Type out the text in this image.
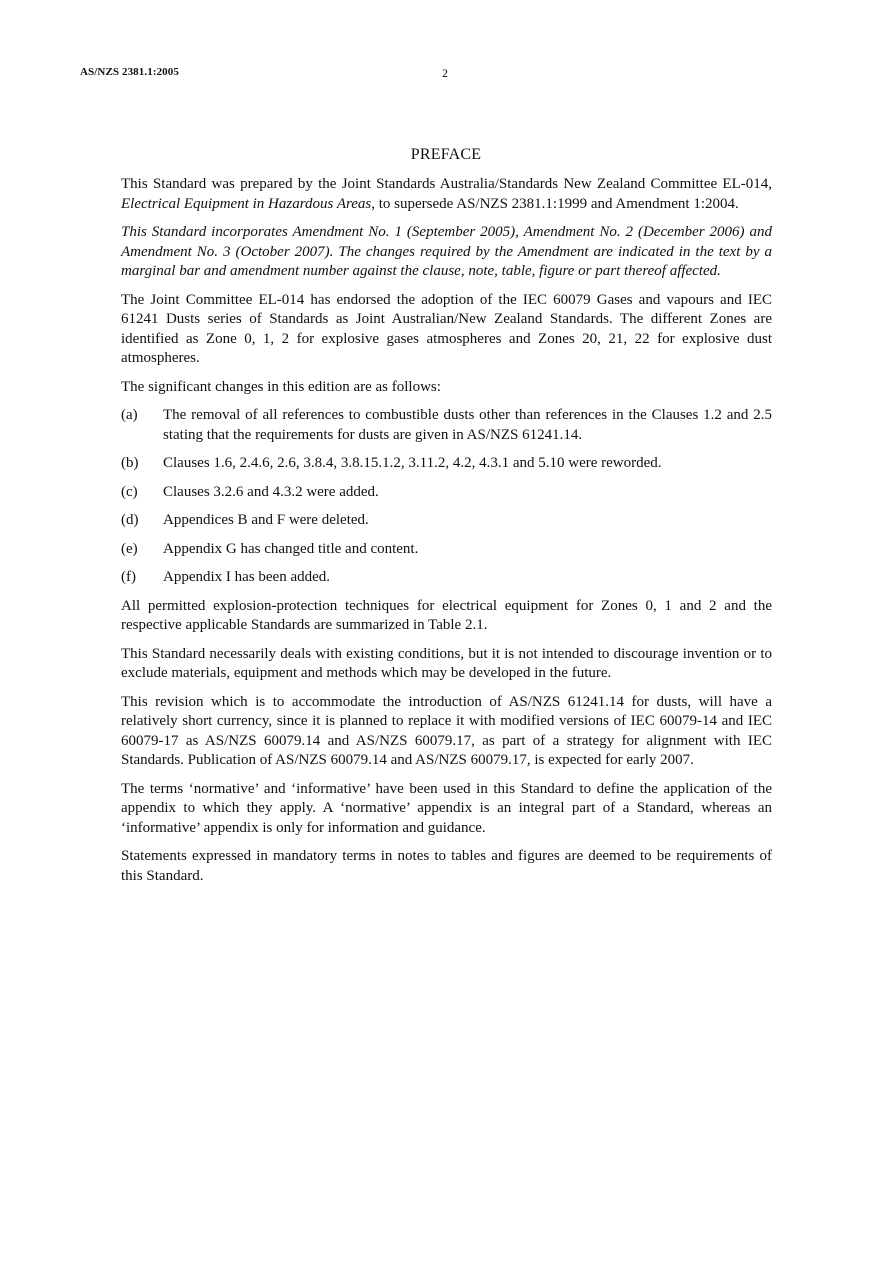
AS/NZS 2381.1:2005	2
PREFACE

This Standard was prepared by the Joint Standards Australia/Standards New Zealand Committee EL-014, Electrical Equipment in Hazardous Areas, to supersede AS/NZS 2381.1:1999 and Amendment 1:2004.

This Standard incorporates Amendment No. 1 (September 2005), Amendment No. 2 (December 2006) and Amendment No. 3 (October 2007). The changes required by the Amendment are indicated in the text by a marginal bar and amendment number against the clause, note, table, figure or part thereof affected.

The Joint Committee EL-014 has endorsed the adoption of the IEC 60079 Gases and vapours and IEC 61241 Dusts series of Standards as Joint Australian/New Zealand Standards. The different Zones are identified as Zone 0, 1, 2 for explosive gases atmospheres and Zones 20, 21, 22 for explosive dust atmospheres.

The significant changes in this edition are as follows:

(a)	The removal of all references to combustible dusts other than references in the Clauses 1.2 and 2.5 stating that the requirements for dusts are given in AS/NZS 61241.14.
(b)	Clauses 1.6, 2.4.6, 2.6, 3.8.4, 3.8.15.1.2, 3.11.2, 4.2, 4.3.1 and 5.10 were reworded.
(c)	Clauses 3.2.6 and 4.3.2 were added.
(d)	Appendices B and F were deleted.
(e)	Appendix G has changed title and content.
(f)	Appendix I has been added.

All permitted explosion-protection techniques for electrical equipment for Zones 0, 1 and 2 and the respective applicable Standards are summarized in Table 2.1.

This Standard necessarily deals with existing conditions, but it is not intended to discourage invention or to exclude materials, equipment and methods which may be developed in the future.

This revision which is to accommodate the introduction of AS/NZS 61241.14 for dusts, will have a relatively short currency, since it is planned to replace it with modified versions of IEC 60079-14 and IEC 60079-17 as AS/NZS 60079.14 and AS/NZS 60079.17, as part of a strategy for alignment with IEC Standards. Publication of AS/NZS 60079.14 and AS/NZS 60079.17, is expected for early 2007.

The terms ‘normative’ and ‘informative’ have been used in this Standard to define the application of the appendix to which they apply. A ‘normative’ appendix is an integral part of a Standard, whereas an ‘informative’ appendix is only for information and guidance.

Statements expressed in mandatory terms in notes to tables and figures are deemed to be requirements of this Standard.
